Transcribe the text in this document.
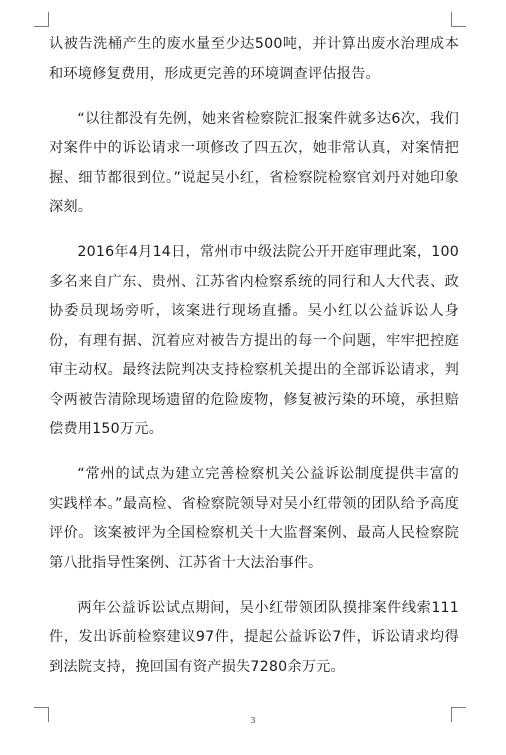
认被告洗桶产生的废水量至少达500吨，并计算出废水治理成本和环境修复费用，形成更完善的环境调查评估报告。

“以往都没有先例，她来省检察院汇报案件就多达6次，我们对案件中的诉讼请求一项修改了四五次，她非常认真，对案情把握、细节都很到位。”说起吴小红，省检察院检察官刘丹对她印象深刻。

2016年4月14日，常州市中级法院公开开庭审理此案，100多名来自广东、贵州、江苏省内检察系统的同行和人大代表、政协委员现场旁听，该案进行现场直播。吴小红以公益诉讼人身份，有理有据、沉着应对被告方提出的每一个问题，牢牢把控庭审主动权。最终法院判决支持检察机关提出的全部诉讼请求，判令两被告清除现场遗留的危险废物，修复被污染的环境，承担赔偿费用150万元。

“常州的试点为建立完善检察机关公益诉讼制度提供丰富的实践样本。”最高检、省检察院领导对吴小红带领的团队给予高度评价。该案被评为全国检察机关十大监督案例、最高人民检察院第八批指导性案例、江苏省十大法治事件。

两年公益诉讼试点期间，吴小红带领团队摸排案件线索111件，发出诉前检察建议97件，提起公益诉讼7件，诉讼请求均得到法院支持，挽回国有资产损失7280余万元。

3
